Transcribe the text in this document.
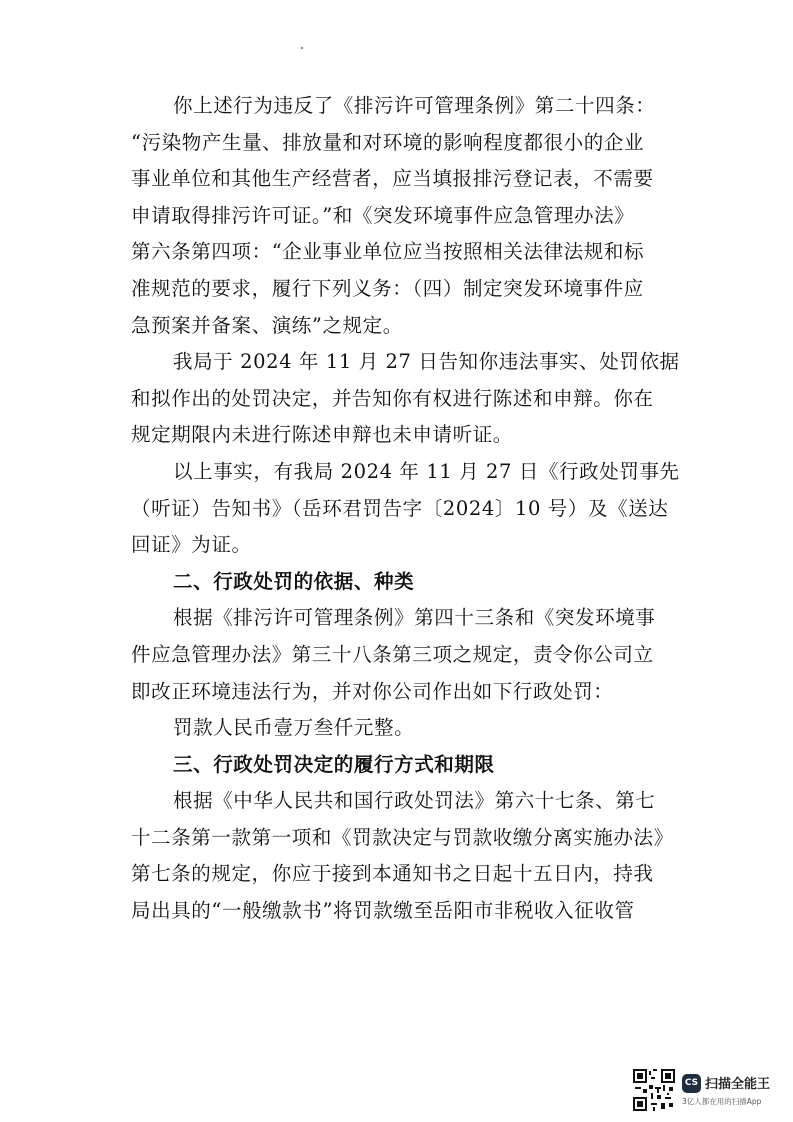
你上述行为违反了《排污许可管理条例》第二十四条：

“污染物产生量、排放量和对环境的影响程度都很小的企业

事业单位和其他生产经营者，应当填报排污登记表，不需要

申请取得排污许可证。”和《突发环境事件应急管理办法》

第六条第四项：“企业事业单位应当按照相关法律法规和标

准规范的要求，履行下列义务：（四）制定突发环境事件应

急预案并备案、演练”之规定。

我局于 2024 年 11 月 27 日告知你违法事实、处罚依据

和拟作出的处罚决定，并告知你有权进行陈述和申辩。你在

规定期限内未进行陈述申辩也未申请听证。

以上事实，有我局 2024 年 11 月 27 日《行政处罚事先

（听证）告知书》（岳环君罚告字〔2024〕10 号）及《送达

回证》为证。

二、行政处罚的依据、种类

根据《排污许可管理条例》第四十三条和《突发环境事

件应急管理办法》第三十八条第三项之规定，责令你公司立

即改正环境违法行为，并对你公司作出如下行政处罚：

罚款人民币壹万叁仟元整。

三、行政处罚决定的履行方式和期限

根据《中华人民共和国行政处罚法》第六十七条、第七

十二条第一款第一项和《罚款决定与罚款收缴分离实施办法》

第七条的规定，你应于接到本通知书之日起十五日内，持我

局出具的“一般缴款书”将罚款缴至岳阳市非税收入征收管

CS 扫描全能王
3亿人都在用的扫描App
